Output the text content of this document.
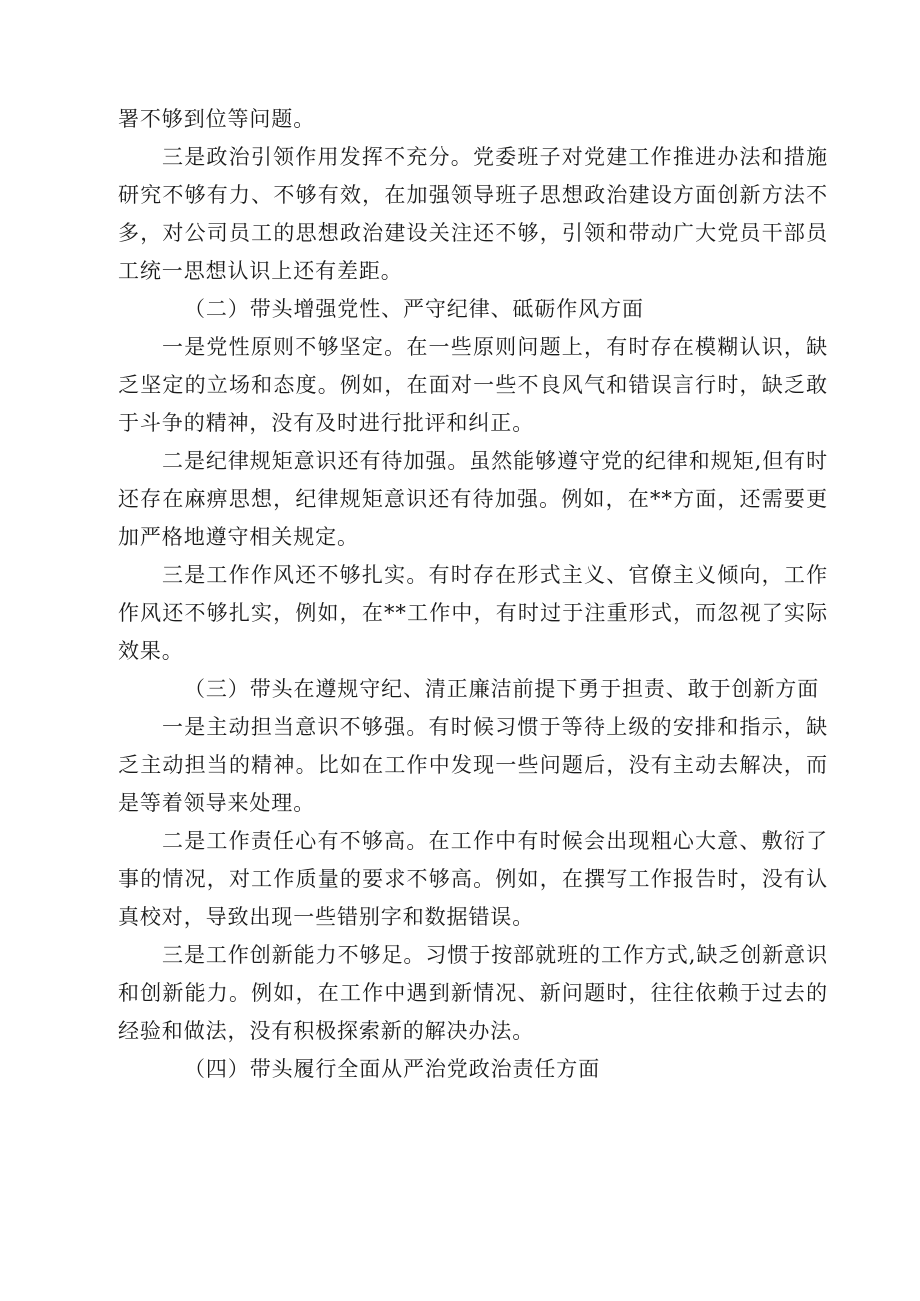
署不够到位等问题。

三是政治引领作用发挥不充分。党委班子对党建工作推进办法和措施研究不够有力、不够有效，在加强领导班子思想政治建设方面创新方法不多，对公司员工的思想政治建设关注还不够，引领和带动广大党员干部员工统一思想认识上还有差距。

（二）带头增强党性、严守纪律、砥砺作风方面

一是党性原则不够坚定。在一些原则问题上，有时存在模糊认识，缺乏坚定的立场和态度。例如，在面对一些不良风气和错误言行时，缺乏敢于斗争的精神，没有及时进行批评和纠正。

二是纪律规矩意识还有待加强。虽然能够遵守党的纪律和规矩,但有时还存在麻痹思想，纪律规矩意识还有待加强。例如，在**方面，还需要更加严格地遵守相关规定。

三是工作作风还不够扎实。有时存在形式主义、官僚主义倾向，工作作风还不够扎实，例如，在**工作中，有时过于注重形式，而忽视了实际效果。

（三）带头在遵规守纪、清正廉洁前提下勇于担责、敢于创新方面

一是主动担当意识不够强。有时候习惯于等待上级的安排和指示，缺乏主动担当的精神。比如在工作中发现一些问题后，没有主动去解决，而是等着领导来处理。

二是工作责任心有不够高。在工作中有时候会出现粗心大意、敷衍了事的情况，对工作质量的要求不够高。例如，在撰写工作报告时，没有认真校对，导致出现一些错别字和数据错误。

三是工作创新能力不够足。习惯于按部就班的工作方式,缺乏创新意识和创新能力。例如，在工作中遇到新情况、新问题时，往往依赖于过去的经验和做法，没有积极探索新的解决办法。

（四）带头履行全面从严治党政治责任方面
